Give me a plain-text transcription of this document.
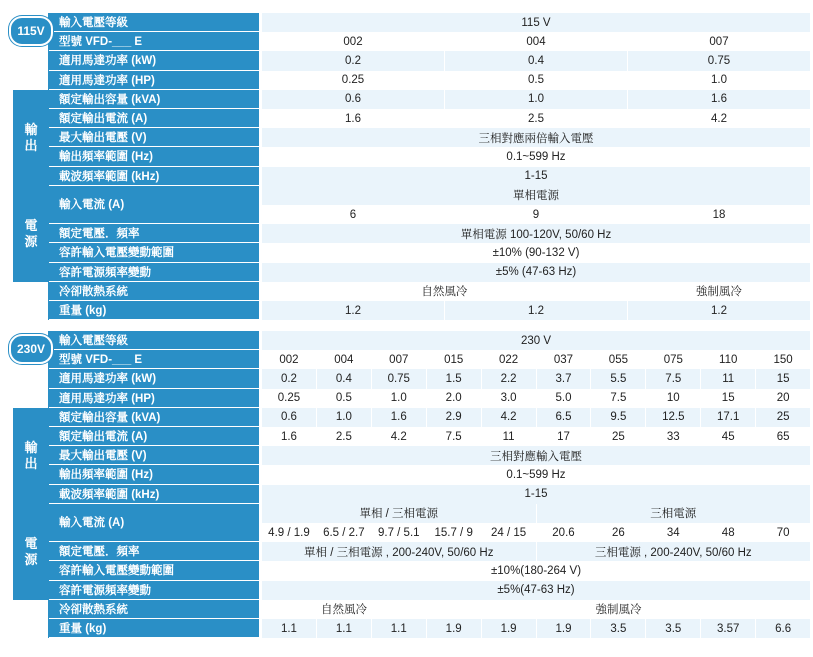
輸入電壓等級	115 V
型號 VFD-___ E	002	004	007
適用馬達功率 (kW)	0.2	0.4	0.75
適用馬達功率 (HP)	0.25	0.5	1.0
額定輸出容量 (kVA)	0.6	1.0	1.6
額定輸出電流 (A)	1.6	2.5	4.2
最大輸出電壓 (V)	三相對應兩倍輸入電壓
輸出頻率範圍 (Hz)	0.1~599 Hz
載波頻率範圍 (kHz)	1-15
輸入電流 (A)
單相電源
6	9	18
額定電壓．頻率	單相電源 100-120V, 50/60 Hz
容許輸入電壓變動範圍	±10% (90-132 V)
容許電源頻率變動	±5% (47-63 Hz)
冷卻散熱系統	自然風冷	強制風冷
重量 (kg)	1.2	1.2	1.2
輸
出
電
源
115V
輸入電壓等級	230 V
型號 VFD-___ E	002	004	007	015	022	037	055	075	110	150
適用馬達功率 (kW)	0.2	0.4	0.75	1.5	2.2	3.7	5.5	7.5	11	15
適用馬達功率 (HP)	0.25	0.5	1.0	2.0	3.0	5.0	7.5	10	15	20
額定輸出容量 (kVA)	0.6	1.0	1.6	2.9	4.2	6.5	9.5	12.5	17.1	25
額定輸出電流 (A)	1.6	2.5	4.2	7.5	11	17	25	33	45	65
最大輸出電壓 (V)	三相對應輸入電壓
輸出頻率範圍 (Hz)	0.1~599 Hz
載波頻率範圍 (kHz)	1-15
輸入電流 (A)
單相 / 三相電源	三相電源
4.9 / 1.9	6.5 / 2.7	9.7 / 5.1	15.7 / 9	24 / 15	20.6	26	34	48	70
額定電壓．頻率	單相 / 三相電源 , 200-240V, 50/60 Hz	三相電源 , 200-240V, 50/60 Hz
容許輸入電壓變動範圍	±10%(180-264 V)
容許電源頻率變動	±5%(47-63 Hz)
冷卻散熱系統	自然風冷	強制風冷
重量 (kg)	1.1	1.1	1.1	1.9	1.9	1.9	3.5	3.5	3.57	6.6
輸
出
電
源
230V
